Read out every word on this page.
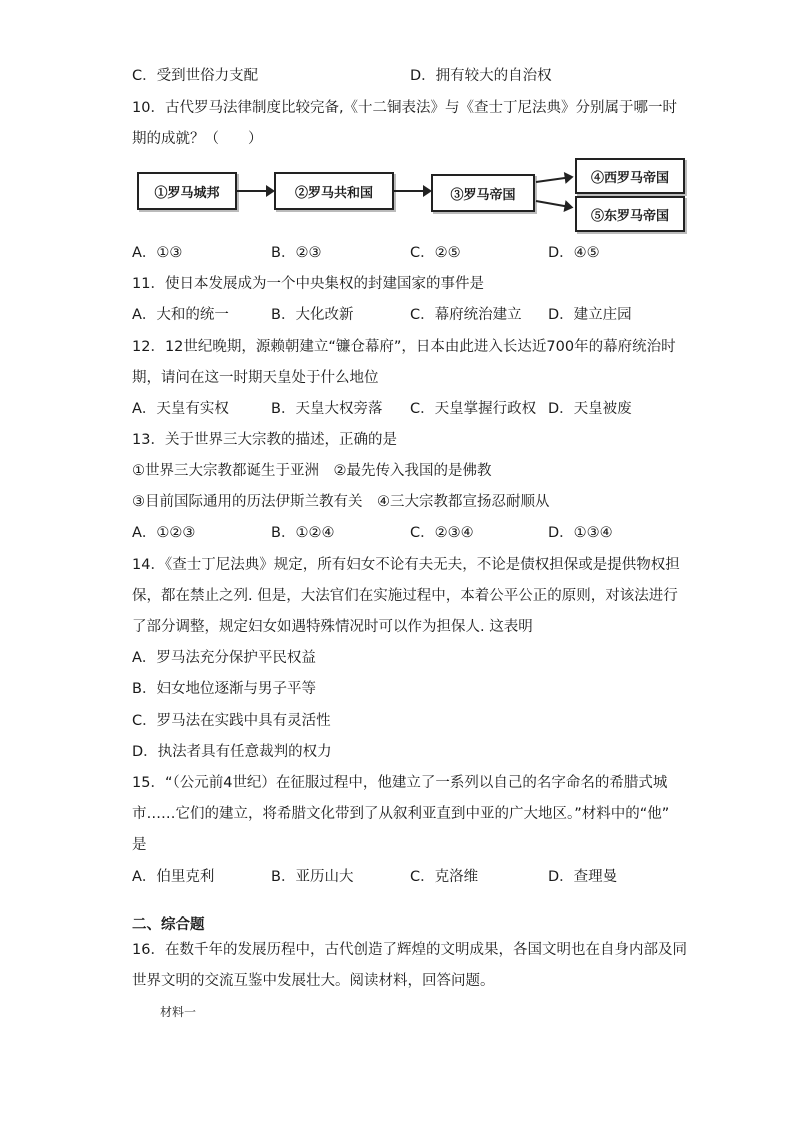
C．受到世俗力支配	D．拥有较大的自治权
10．古代罗马法律制度比较完备,《十二铜表法》与《查士丁尼法典》分别属于哪一时
期的成就？（　　）
①罗马城邦	②罗马共和国	③罗马帝国
④西罗马帝国
⑤东罗马帝国
A．①③	B．②③	C．②⑤	D．④⑤
11．使日本发展成为一个中央集权的封建国家的事件是
A．大和的统一	B．大化改新	C．幕府统治建立 D．建立庄园
12．12世纪晚期，源赖朝建立“镰仓幕府”，日本由此进入长达近700年的幕府统治时
期，请问在这一时期天皇处于什么地位
A．天皇有实权	B．天皇大权旁落 C．天皇掌握行政权 D．天皇被废
13．关于世界三大宗教的描述，正确的是
①世界三大宗教都诞生于亚洲　②最先传入我国的是佛教
③目前国际通用的历法伊斯兰教有关　④三大宗教都宣扬忍耐顺从
A．①②③	B．①②④	C．②③④	D．①③④
14．《查士丁尼法典》规定，所有妇女不论有夫无夫，不论是债权担保或是提供物权担
保，都在禁止之列. 但是，大法官们在实施过程中，本着公平公正的原则，对该法进行
了部分调整，规定妇女如遇特殊情况时可以作为担保人. 这表明
A．罗马法充分保护平民权益
B．妇女地位逐渐与男子平等
C．罗马法在实践中具有灵活性
D．执法者具有任意裁判的权力
15．“（公元前4世纪）在征服过程中，他建立了一系列以自己的名字命名的希腊式城
市……它们的建立，将希腊文化带到了从叙利亚直到中亚的广大地区。”材料中的“他”
是
A．伯里克利	B．亚历山大	C．克洛维	D．查理曼
二、综合题
16．在数千年的发展历程中，古代创造了辉煌的文明成果，各国文明也在自身内部及同
世界文明的交流互鉴中发展壮大。阅读材料，回答问题。
材料一
